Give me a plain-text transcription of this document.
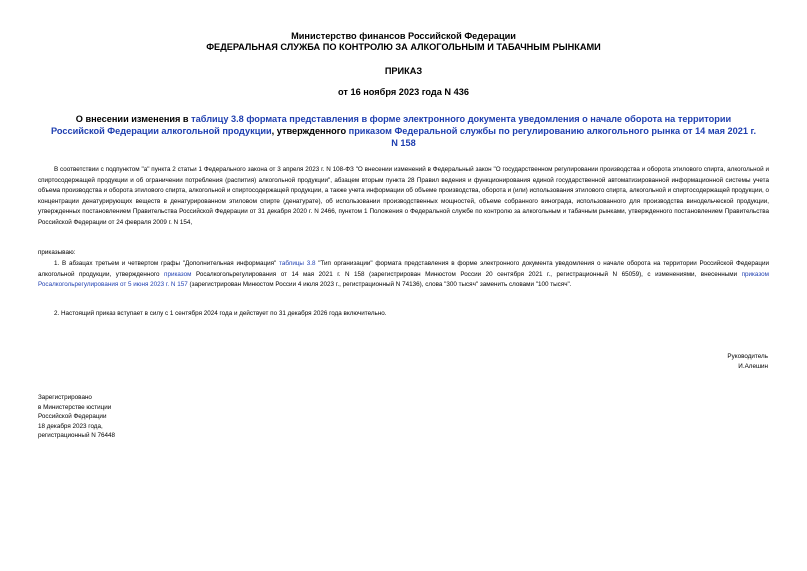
Министерство финансов Российской Федерации
ФЕДЕРАЛЬНАЯ СЛУЖБА ПО КОНТРОЛЮ ЗА АЛКОГОЛЬНЫМ И ТАБАЧНЫМ РЫНКАМИ
ПРИКАЗ
от 16 ноября 2023 года N 436
О внесении изменения в таблицу 3.8 формата представления в форме электронного документа уведомления о начале оборота на территории Российской Федерации алкогольной продукции, утвержденного приказом Федеральной службы по регулированию алкогольного рынка от 14 мая 2021 г. N 158
В соответствии с подпунктом "а" пункта 2 статьи 1 Федерального закона от 3 апреля 2023 г. N 108-ФЗ "О внесении изменений в Федеральный закон "О государственном регулировании производства и оборота этилового спирта, алкогольной и спиртосодержащей продукции и об ограничении потребления (распития) алкогольной продукции", абзацем вторым пункта 28 Правил ведения и функционирования единой государственной автоматизированной информационной системы учета объема производства и оборота этилового спирта, алкогольной и спиртосодержащей продукции, а также учета информации об объеме производства, оборота и (или) использования этилового спирта, алкогольной и спиртосодержащей продукции, о концентрации денатурирующих веществ в денатурированном этиловом спирте (денатурате), об использовании производственных мощностей, объеме собранного винограда, использованного для производства винодельческой продукции, утвержденных постановлением Правительства Российской Федерации от 31 декабря 2020 г. N 2466, пунктом 1 Положения о Федеральной службе по контролю за алкогольным и табачным рынками, утвержденного постановлением Правительства Российской Федерации от 24 февраля 2009 г. N 154,
приказываю:
1. В абзацах третьем и четвертом графы "Дополнительная информация" таблицы 3.8 "Тип организации" формата представления в форме электронного документа уведомления о начале оборота на территории Российской Федерации алкогольной продукции, утвержденного приказом Росалкогольрегулирования от 14 мая 2021 г. N 158 (зарегистрирован Минюстом России 20 сентября 2021 г., регистрационный N 65059), с изменениями, внесенными приказом Росалкогольрегулирования от 5 июня 2023 г. N 157 (зарегистрирован Минюстом России 4 июля 2023 г., регистрационный N 74136), слова "300 тысяч" заменить словами "100 тысяч".
2. Настоящий приказ вступает в силу с 1 сентября 2024 года и действует по 31 декабря 2026 года включительно.
Руководитель
И.Алешин
Зарегистрировано
в Министерстве юстиции
Российской Федерации
18 декабря 2023 года,
регистрационный N 76448
